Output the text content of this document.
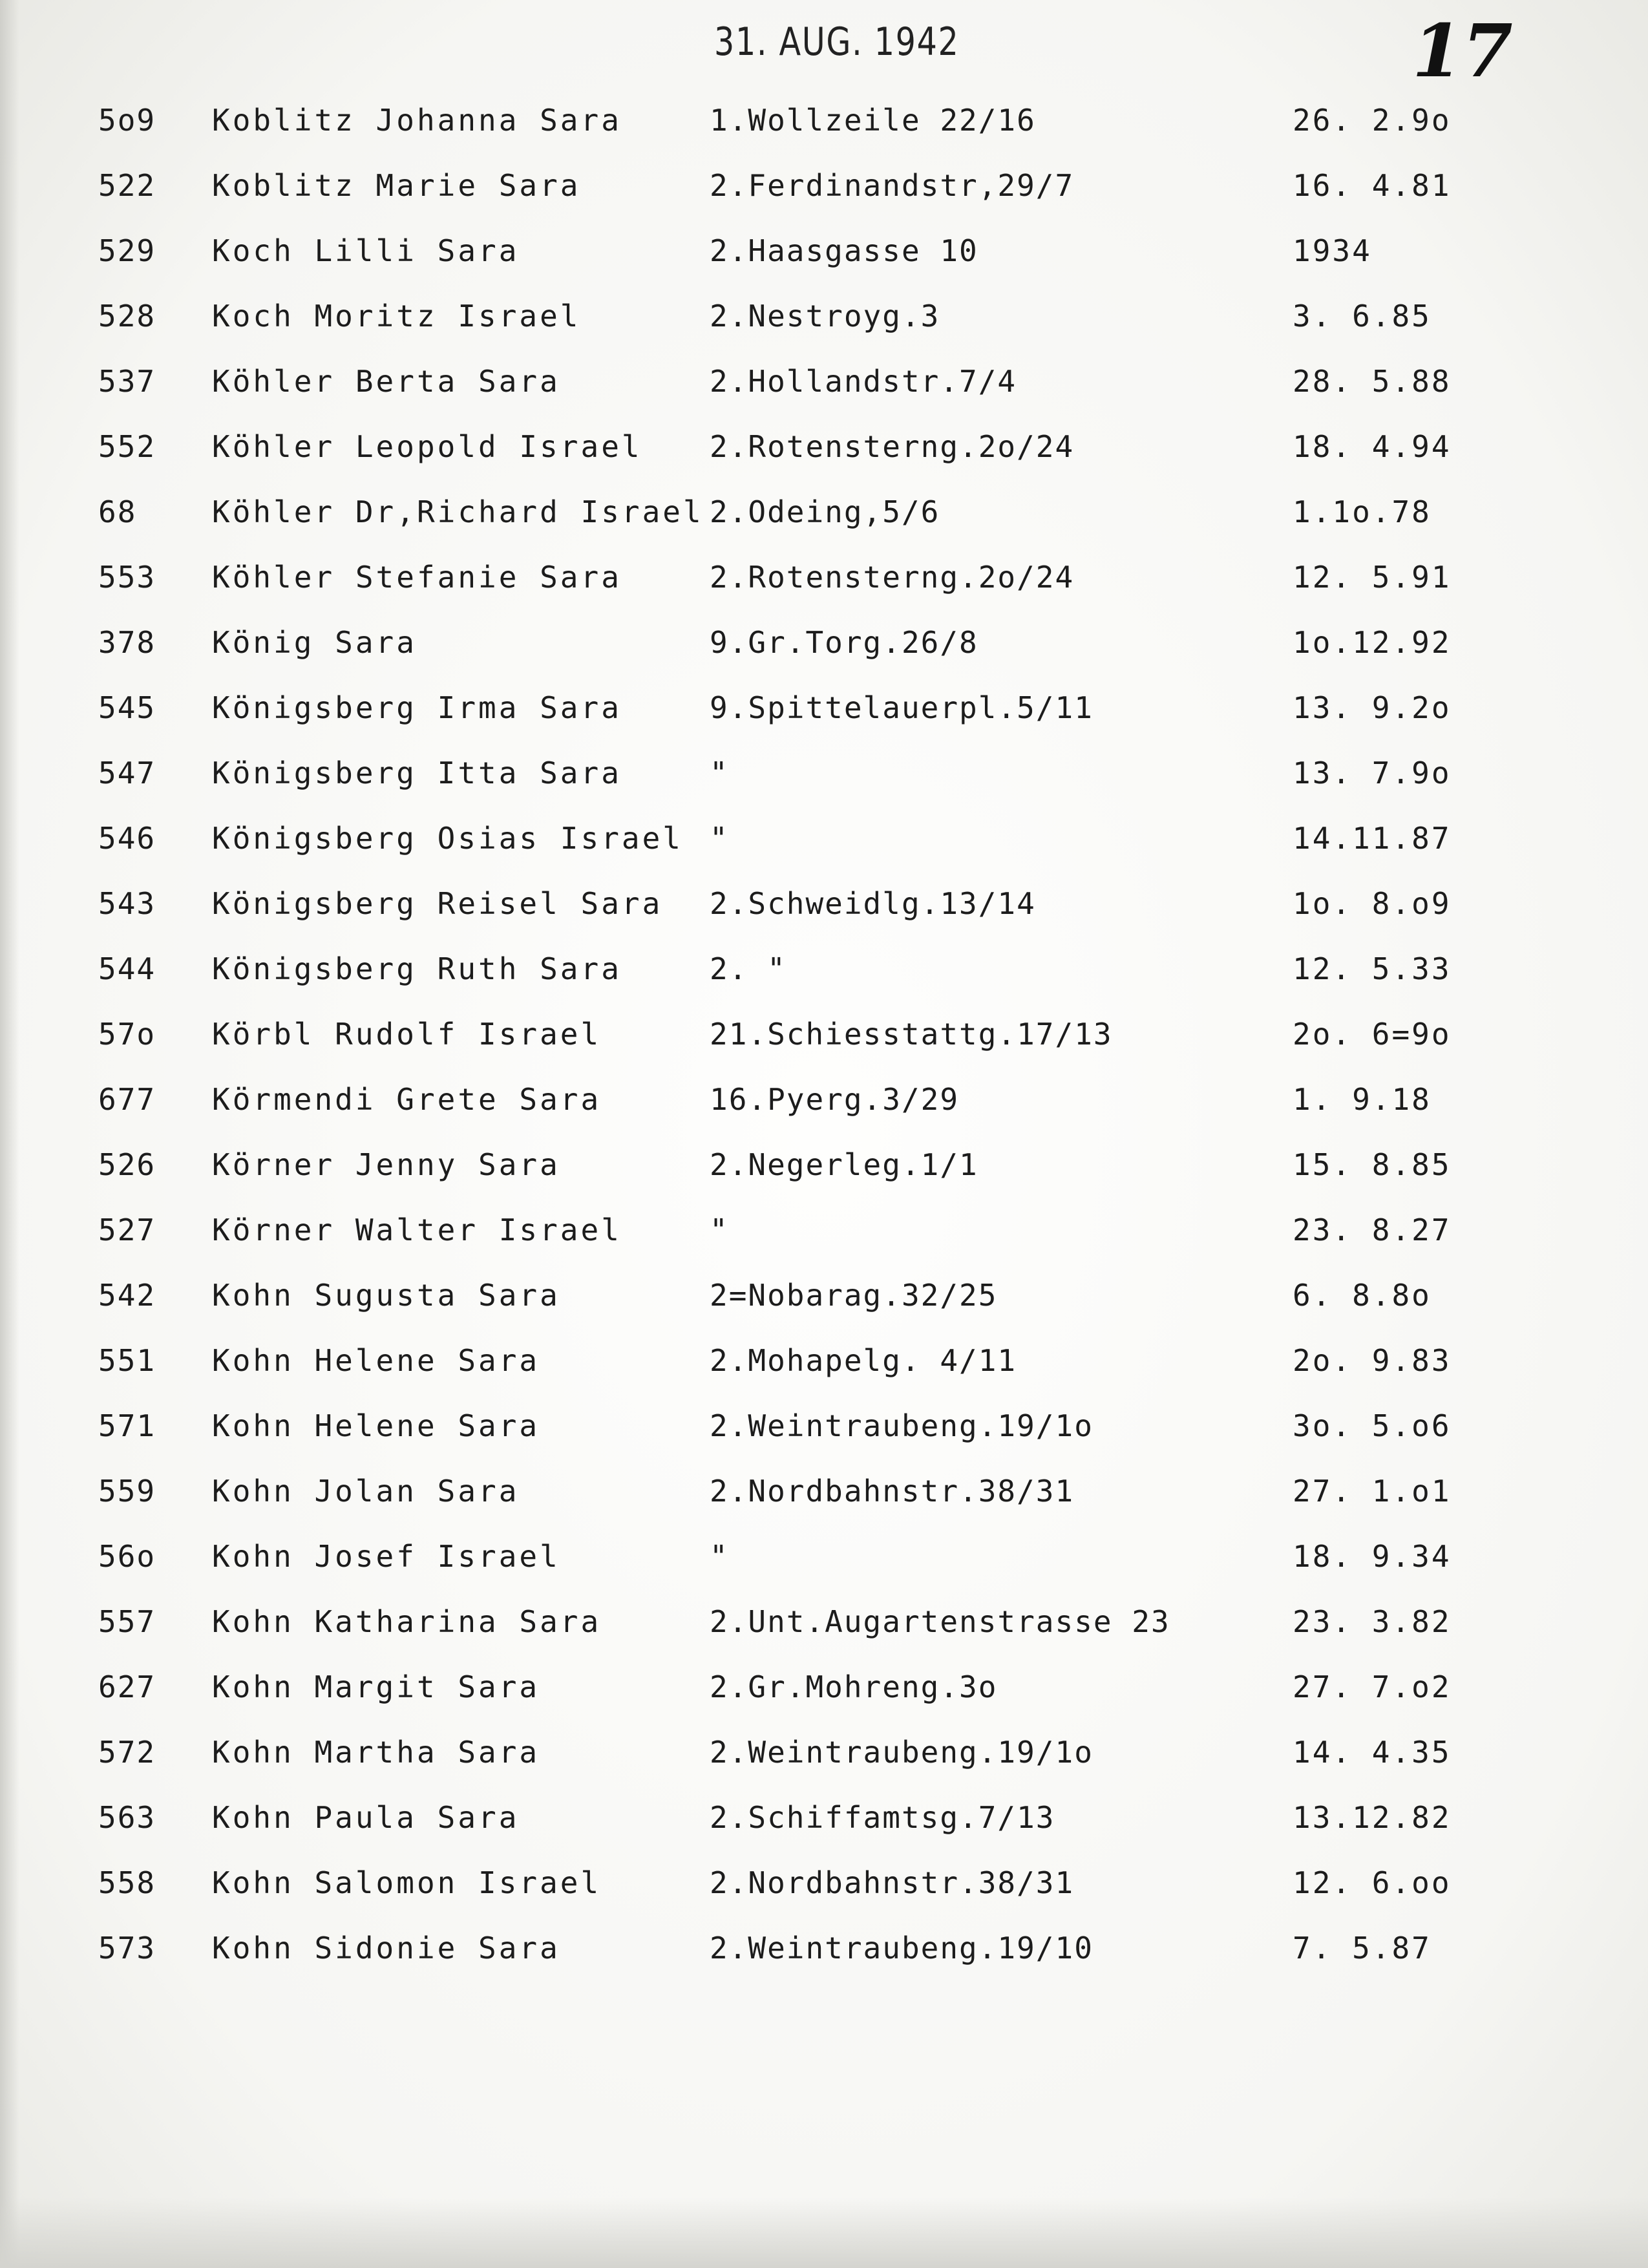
31. AUG. 1942	17
5o9 Koblitz Johanna Sara	1.Wollzeile 22/16	26. 2.9o
522 Koblitz Marie Sara	2.Ferdinandstr,29/7	16. 4.81
529 Koch Lilli Sara	2.Haasgasse 10	1934
528 Koch Moritz Israel	2.Nestroyg.3	3. 6.85
537 Köhler Berta Sara	2.Hollandstr.7/4	28. 5.88
552 Köhler Leopold Israel 2.Rotensterng.2o/24	18. 4.94
68	Köhler Dr,Richard Israel 2.Odeing,5/6	1.1o.78
553 Köhler Stefanie Sara	2.Rotensterng.2o/24	12. 5.91
378 König Sara	9.Gr.Torg.26/8	1o.12.92
545 Königsberg Irma Sara	9.Spittelauerpl.5/11	13. 9.2o
547 Königsberg Itta Sara	"	13. 7.9o
546 Königsberg Osias Israel "	14.11.87
543 Königsberg Reisel Sara 2.Schweidlg.13/14	1o. 8.o9
544 Königsberg Ruth Sara	2. "	12. 5.33
57o Körbl Rudolf Israel	21.Schiesstattg.17/13	2o. 6=9o
677 Körmendi Grete Sara	16.Pyerg.3/29	1. 9.18
526 Körner Jenny Sara	2.Negerleg.1/1	15. 8.85
527 Körner Walter Israel	"	23. 8.27
542 Kohn Sugusta Sara	2=Nobarag.32/25	6. 8.8o
551 Kohn Helene Sara	2.Mohapelg. 4/11	2o. 9.83
571 Kohn Helene Sara	2.Weintraubeng.19/1o	3o. 5.o6
559 Kohn Jolan Sara	2.Nordbahnstr.38/31	27. 1.o1
56o Kohn Josef Israel	"	18. 9.34
557 Kohn Katharina Sara	2.Unt.Augartenstrasse 23	23. 3.82
627 Kohn Margit Sara	2.Gr.Mohreng.3o	27. 7.o2
572 Kohn Martha Sara	2.Weintraubeng.19/1o	14. 4.35
563 Kohn Paula Sara	2.Schiffamtsg.7/13	13.12.82
558 Kohn Salomon Israel	2.Nordbahnstr.38/31	12. 6.oo
573 Kohn Sidonie Sara	2.Weintraubeng.19/10	7. 5.87
